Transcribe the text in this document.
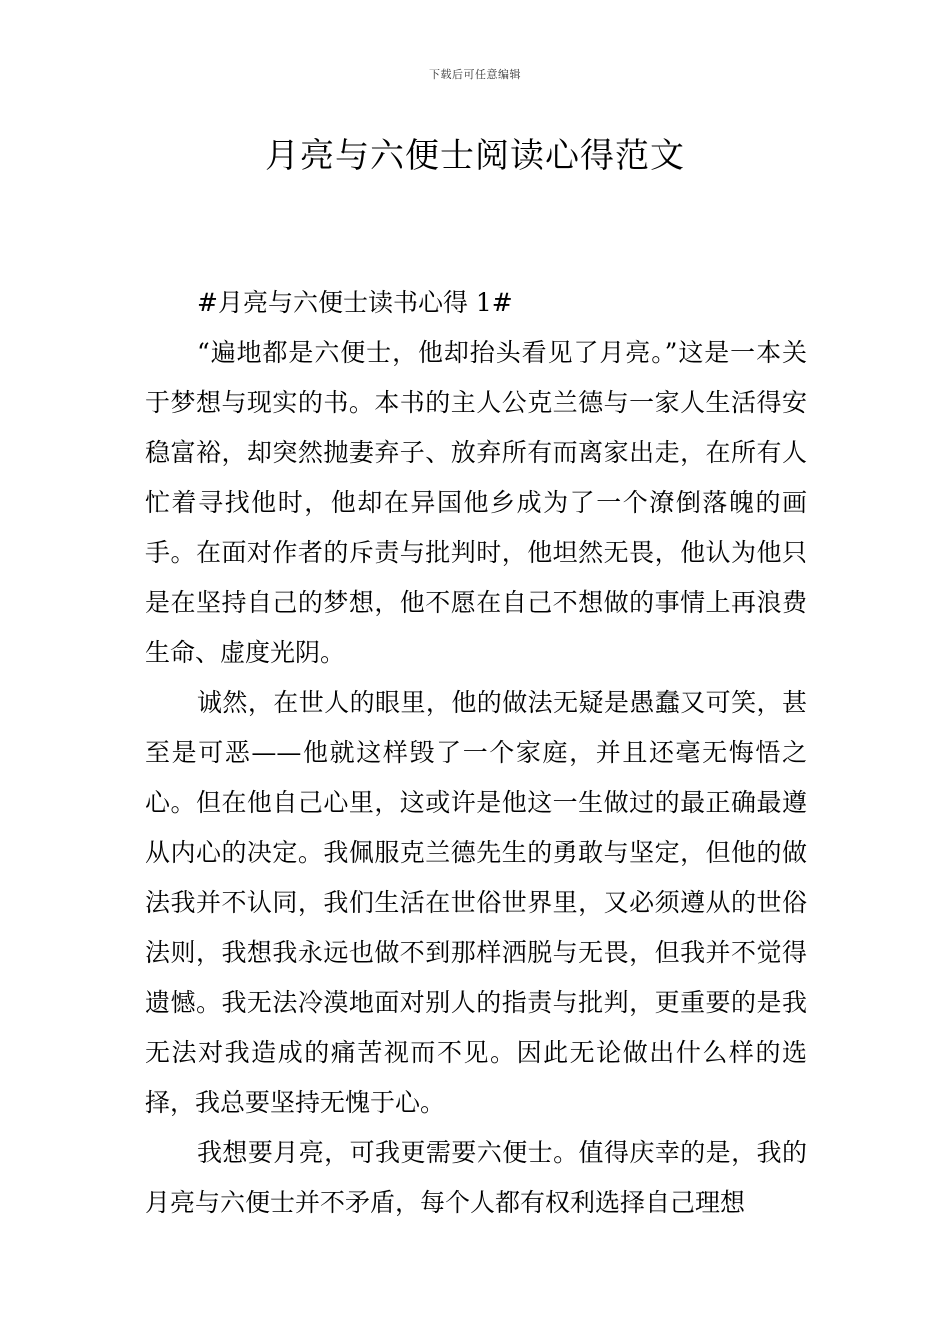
下载后可任意编辑
月亮与六便士阅读心得范文

#月亮与六便士读书心得 1#

“遍地都是六便士，他却抬头看见了月亮。”这是一本关于梦想与现实的书。本书的主人公克兰德与一家人生活得安稳富裕，却突然抛妻弃子、放弃所有而离家出走，在所有人忙着寻找他时，他却在异国他乡成为了一个潦倒落魄的画手。在面对作者的斥责与批判时，他坦然无畏，他认为他只是在坚持自己的梦想，他不愿在自己不想做的事情上再浪费生命、虚度光阴。

诚然，在世人的眼里，他的做法无疑是愚蠢又可笑，甚至是可恶——他就这样毁了一个家庭，并且还毫无悔悟之心。但在他自己心里，这或许是他这一生做过的最正确最遵从内心的决定。我佩服克兰德先生的勇敢与坚定，但他的做法我并不认同，我们生活在世俗世界里，又必须遵从的世俗法则，我想我永远也做不到那样洒脱与无畏，但我并不觉得遗憾。我无法冷漠地面对别人的指责与批判，更重要的是我无法对我造成的痛苦视而不见。因此无论做出什么样的选择，我总要坚持无愧于心。

我想要月亮，可我更需要六便士。值得庆幸的是，我的月亮与六便士并不矛盾，每个人都有权利选择自己理想
